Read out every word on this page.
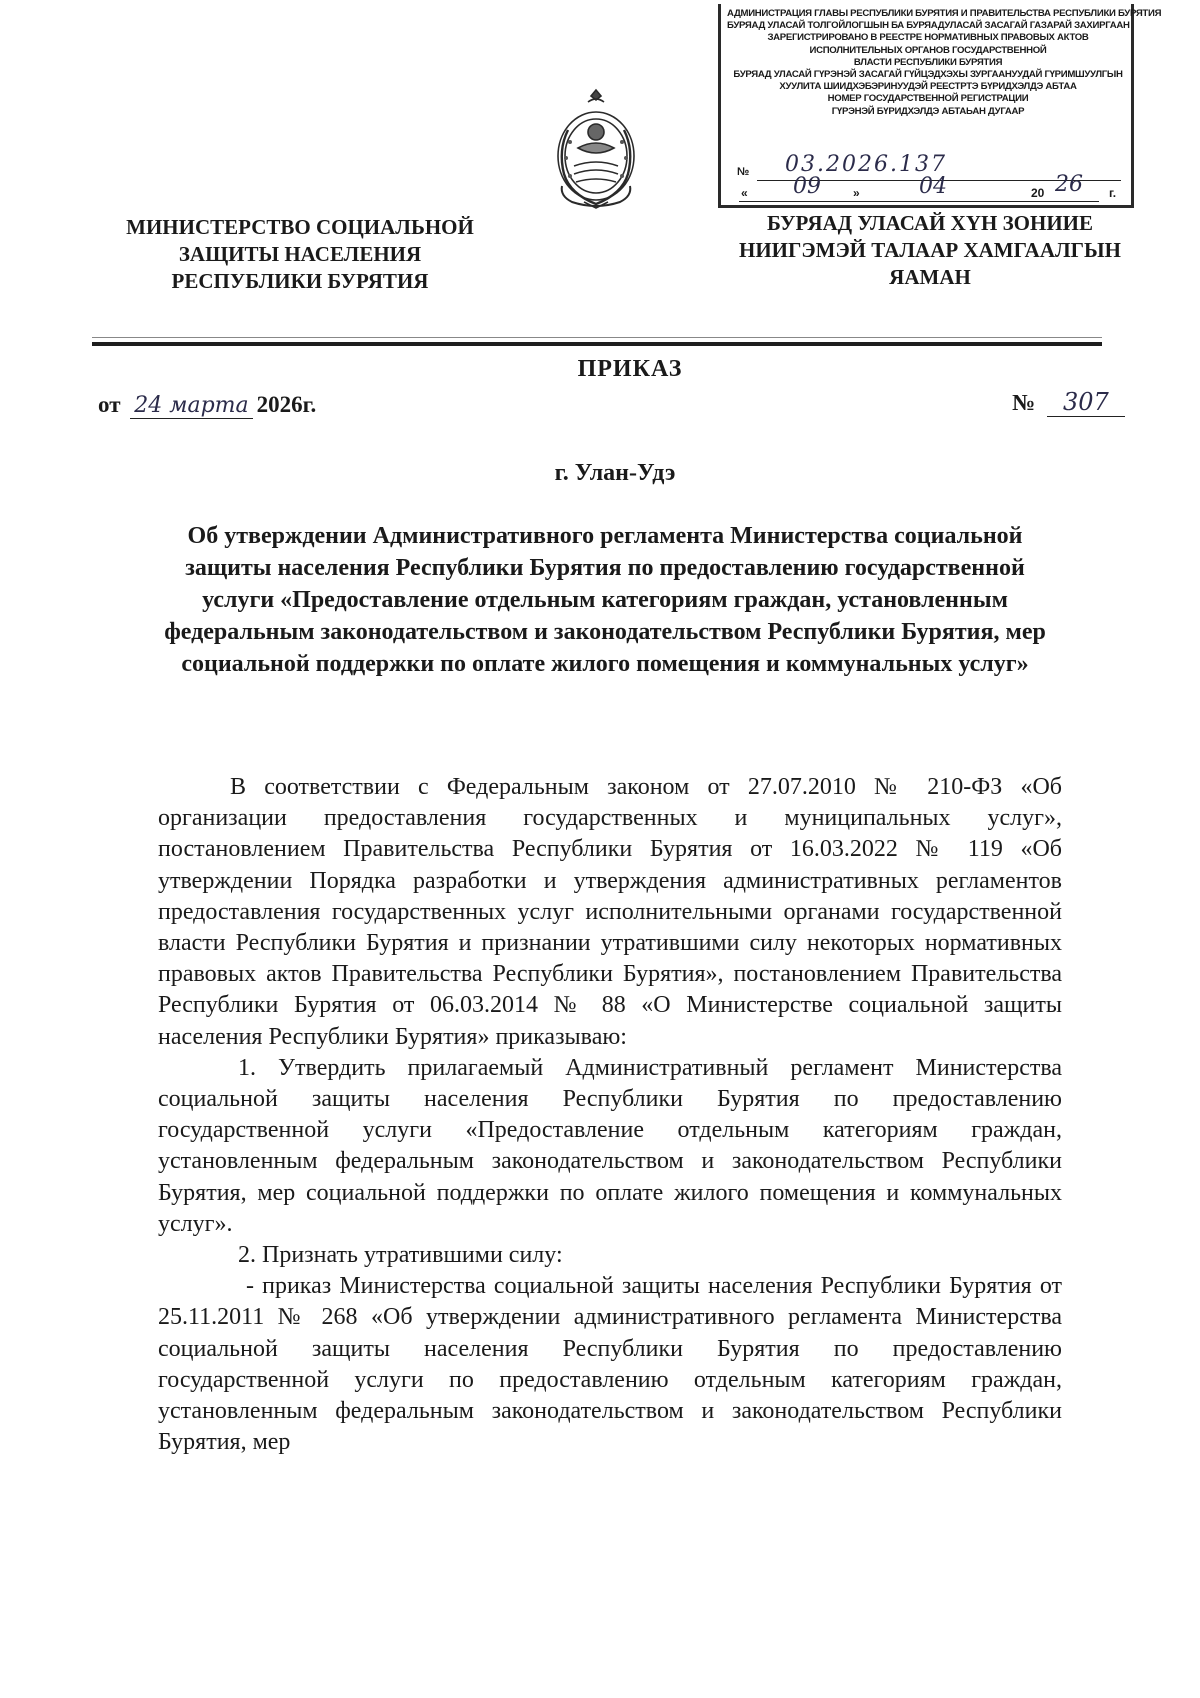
МИНИСТЕРСТВО СОЦИАЛЬНОЙ
ЗАЩИТЫ НАСЕЛЕНИЯ
РЕСПУБЛИКИ БУРЯТИЯ
АДМИНИСТРАЦИЯ ГЛАВЫ РЕСПУБЛИКИ БУРЯТИЯ И ПРАВИТЕЛЬСТВА РЕСПУБЛИКИ БУРЯТИЯ
БУРЯАД УЛАСАЙ ТОЛГОЙЛОГШЫН БА БУРЯАДУЛАСАЙ ЗАСАГАЙ ГАЗАРАЙ ЗАХИРГААН
ЗАРЕГИСТРИРОВАНО В РЕЕСТРЕ НОРМАТИВНЫХ ПРАВОВЫХ АКТОВ
ИСПОЛНИТЕЛЬНЫХ ОРГАНОВ ГОСУДАРСТВЕННОЙ
ВЛАСТИ РЕСПУБЛИКИ БУРЯТИЯ
БУРЯАД УЛАСАЙ ГҮРЭНЭЙ ЗАСАГАЙ ГҮЙЦЭДХЭХЫ ЗУРГААНУУДАЙ ГҮРИМШУУЛГЫН
ХУУЛИТА ШИИДХЭБЭРИНУУДЭЙ РЕЕСТРТЭ БҮРИДХЭЛДЭ АБТАА
НОМЕР ГОСУДАРСТВЕННОЙ РЕГИСТРАЦИИ
ГҮРЭНЭЙ БҮРИДХЭЛДЭ АБТАЬАН ДУГААР
№ 03.2026.137
« 09	»	04	20 26 г.
БУРЯАД УЛАСАЙ ХҮН ЗОНИИЕ
НИИГЭМЭЙ ТАЛААР ХАМГААЛГЫН
ЯАМАН
ПРИКАЗ
от 24 марта 2026г.	№ 307
г. Улан-Удэ
Об утверждении Административного регламента Министерства социальной защиты населения Республики Бурятия по предоставлению государственной услуги «Предоставление отдельным категориям граждан, установленным федеральным законодательством и законодательством Республики Бурятия, мер социальной поддержки по оплате жилого помещения и коммунальных услуг»

В соответствии с Федеральным законом от 27.07.2010 № 210-ФЗ «Об организации предоставления государственных и муниципальных услуг», постановлением Правительства Республики Бурятия от 16.03.2022 № 119 «Об утверждении Порядка разработки и утверждения административных регламентов предоставления государственных услуг исполнительными органами государственной власти Республики Бурятия и признании утратившими силу некоторых нормативных правовых актов Правительства Республики Бурятия», постановлением Правительства Республики Бурятия от 06.03.2014 № 88 «О Министерстве социальной защиты населения Республики Бурятия» приказываю:

1. Утвердить прилагаемый Административный регламент Министерства социальной защиты населения Республики Бурятия по предоставлению государственной услуги «Предоставление отдельным категориям граждан, установленным федеральным законодательством и законодательством Республики Бурятия, мер социальной поддержки по оплате жилого помещения и коммунальных услуг».

2. Признать утратившими силу:

- приказ Министерства социальной защиты населения Республики Бурятия от 25.11.2011 № 268 «Об утверждении административного регламента Министерства социальной защиты населения Республики Бурятия по предоставлению государственной услуги по предоставлению отдельным категориям граждан, установленным федеральным законодательством и законодательством Республики Бурятия, мер
